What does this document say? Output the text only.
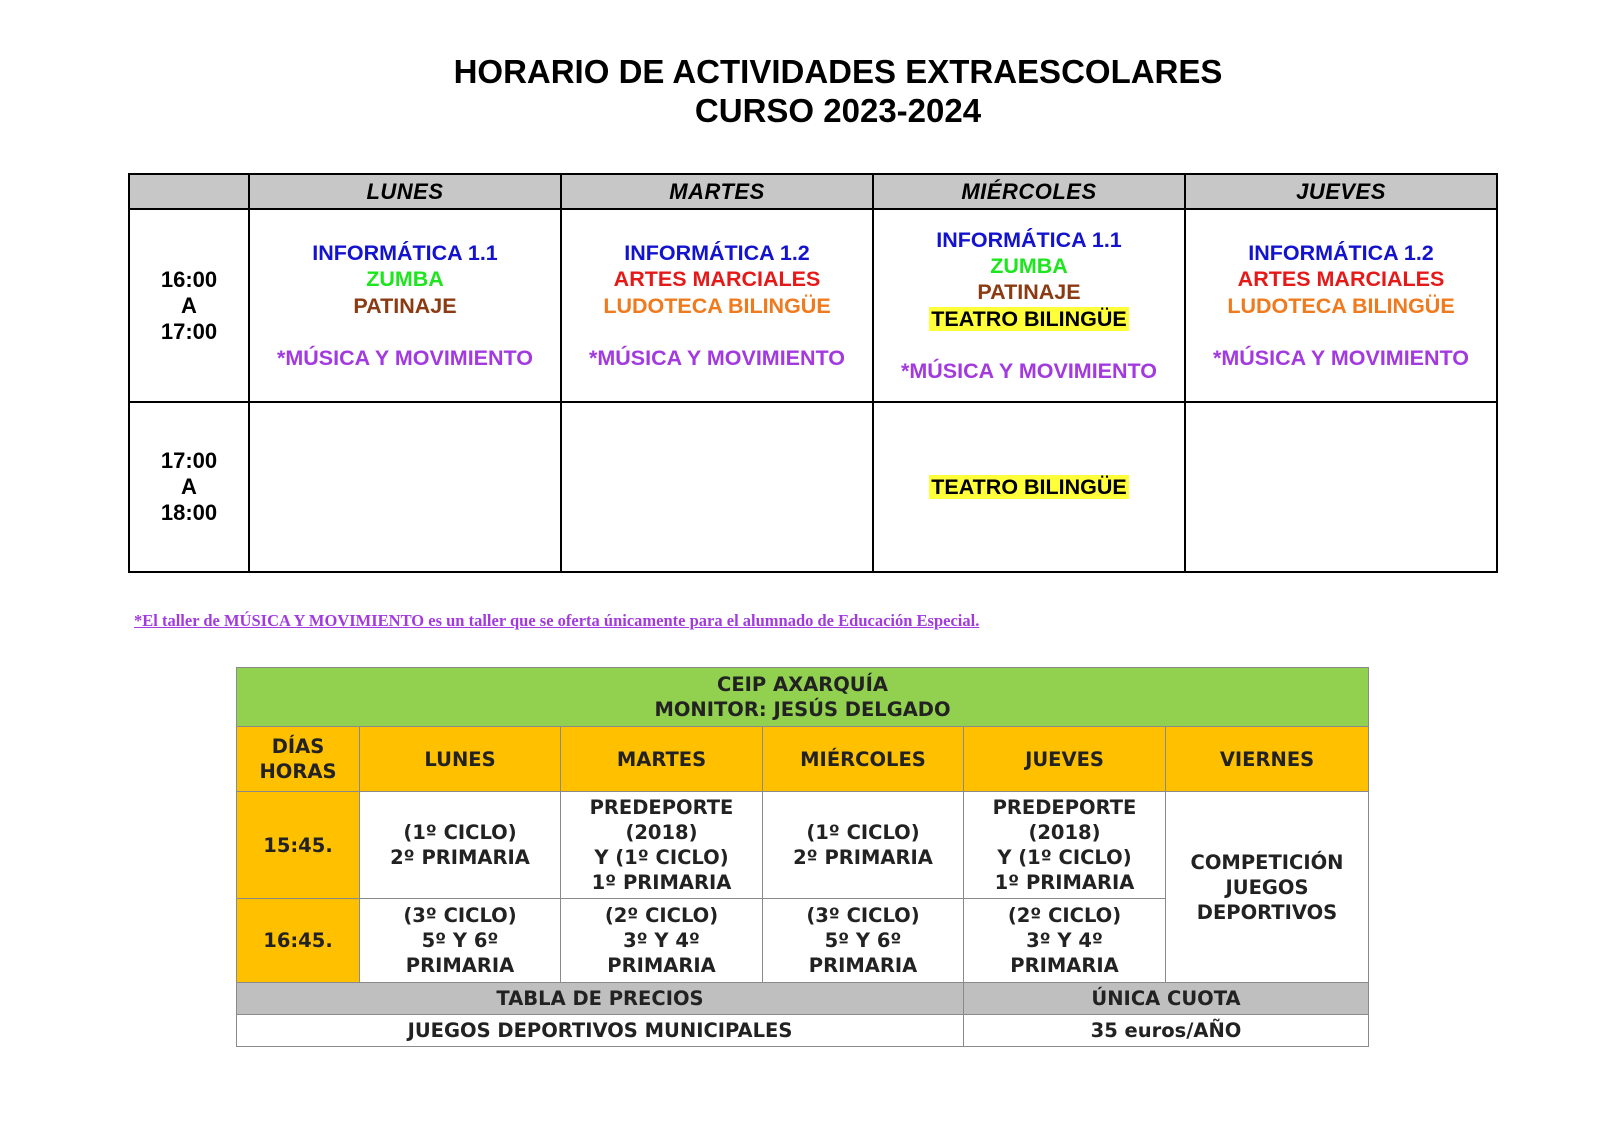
HORARIO DE ACTIVIDADES EXTRAESCOLARES
CURSO 2023-2024
	LUNES	MARTES	MIÉRCOLES	JUEVES

16:00
A
17:00	INFORMÁTICA 1.1
ZUMBA
PATINAJE
*MÚSICA Y MOVIMIENTO	INFORMÁTICA 1.2
ARTES MARCIALES
LUDOTECA BILINGÜE
*MÚSICA Y MOVIMIENTO	INFORMÁTICA 1.1
ZUMBA
PATINAJE
TEATRO BILINGÜE
*MÚSICA Y MOVIMIENTO	INFORMÁTICA 1.2
ARTES MARCIALES
LUDOTECA BILINGÜE
*MÚSICA Y MOVIMIENTO

17:00
A
18:00			TEATRO BILINGÜE	

*El taller de MÚSICA Y MOVIMIENTO es un taller que se oferta únicamente para el alumnado de Educación Especial.
CEIP AXARQUÍA
MONITOR: JESÚS DELGADO					

DÍAS
HORAS	LUNES	MARTES	MIÉRCOLES	JUEVES	VIERNES
15:45.	(1º CICLO)
2º PRIMARIA	PREDEPORTE
(2018)
Y (1º CICLO)
1º PRIMARIA	(1º CICLO)
2º PRIMARIA	PREDEPORTE
(2018)
Y (1º CICLO)
1º PRIMARIA	COMPETICIÓN
JUEGOS
DEPORTIVOS

16:45.	(3º CICLO)
5º Y 6º
PRIMARIA	(2º CICLO)
3º Y 4º
PRIMARIA	(3º CICLO)
5º Y 6º
PRIMARIA	(2º CICLO)
3º Y 4º
PRIMARIA	

TABLA DE PRECIOS				ÚNICA CUOTA	
JUEGOS DEPORTIVOS MUNICIPALES				35 euros/AÑO	
